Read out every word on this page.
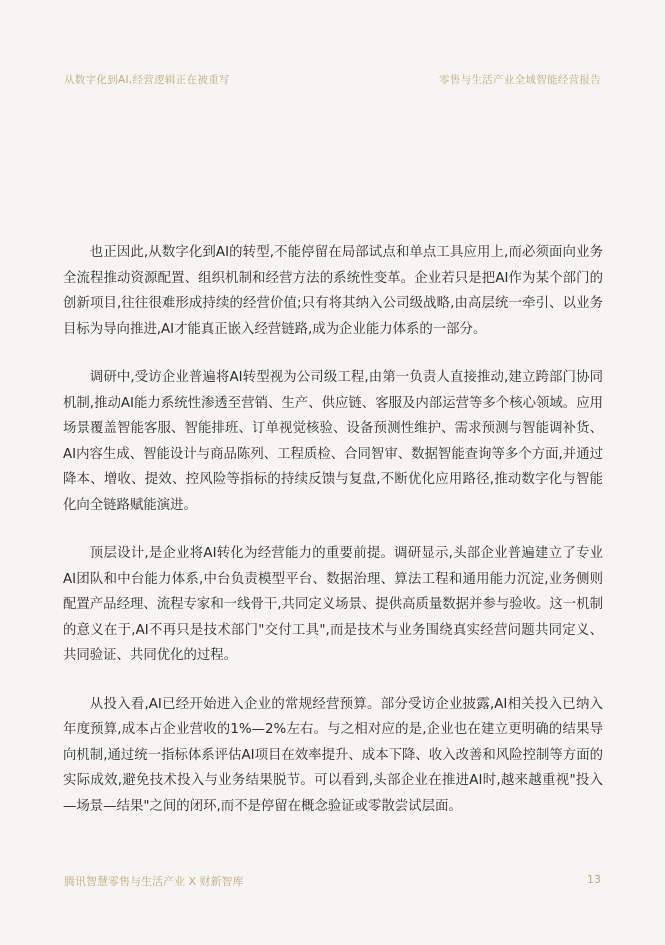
从数字化到AI,经营逻辑正在被重写	零售与生活产业全域智能经营报告

也正因此,从数字化到AI的转型,不能停留在局部试点和单点工具应用上,而必须面向业务全流程推动资源配置、组织机制和经营方法的系统性变革。企业若只是把AI作为某个部门的创新项目,往往很难形成持续的经营价值;只有将其纳入公司级战略,由高层统一牵引、以业务目标为导向推进,AI才能真正嵌入经营链路,成为企业能力体系的一部分。

调研中,受访企业普遍将AI转型视为公司级工程,由第一负责人直接推动,建立跨部门协同机制,推动AI能力系统性渗透至营销、生产、供应链、客服及内部运营等多个核心领域。应用场景覆盖智能客服、智能排班、订单视觉核验、设备预测性维护、需求预测与智能调补货、AI内容生成、智能设计与商品陈列、工程质检、合同智审、数据智能查询等多个方面,并通过降本、增收、提效、控风险等指标的持续反馈与复盘,不断优化应用路径,推动数字化与智能化向全链路赋能演进。

顶层设计,是企业将AI转化为经营能力的重要前提。调研显示,头部企业普遍建立了专业AI团队和中台能力体系,中台负责模型平台、数据治理、算法工程和通用能力沉淀,业务侧则配置产品经理、流程专家和一线骨干,共同定义场景、提供高质量数据并参与验收。这一机制的意义在于,AI不再只是技术部门"交付工具",而是技术与业务围绕真实经营问题共同定义、共同验证、共同优化的过程。

从投入看,AI已经开始进入企业的常规经营预算。部分受访企业披露,AI相关投入已纳入年度预算,成本占企业营收的1%—2%左右。与之相对应的是,企业也在建立更明确的结果导向机制,通过统一指标体系评估AI项目在效率提升、成本下降、收入改善和风险控制等方面的实际成效,避免技术投入与业务结果脱节。可以看到,头部企业在推进AI时,越来越重视"投入—场景—结果"之间的闭环,而不是停留在概念验证或零散尝试层面。

腾讯智慧零售与生活产业 X 财新智库	13
